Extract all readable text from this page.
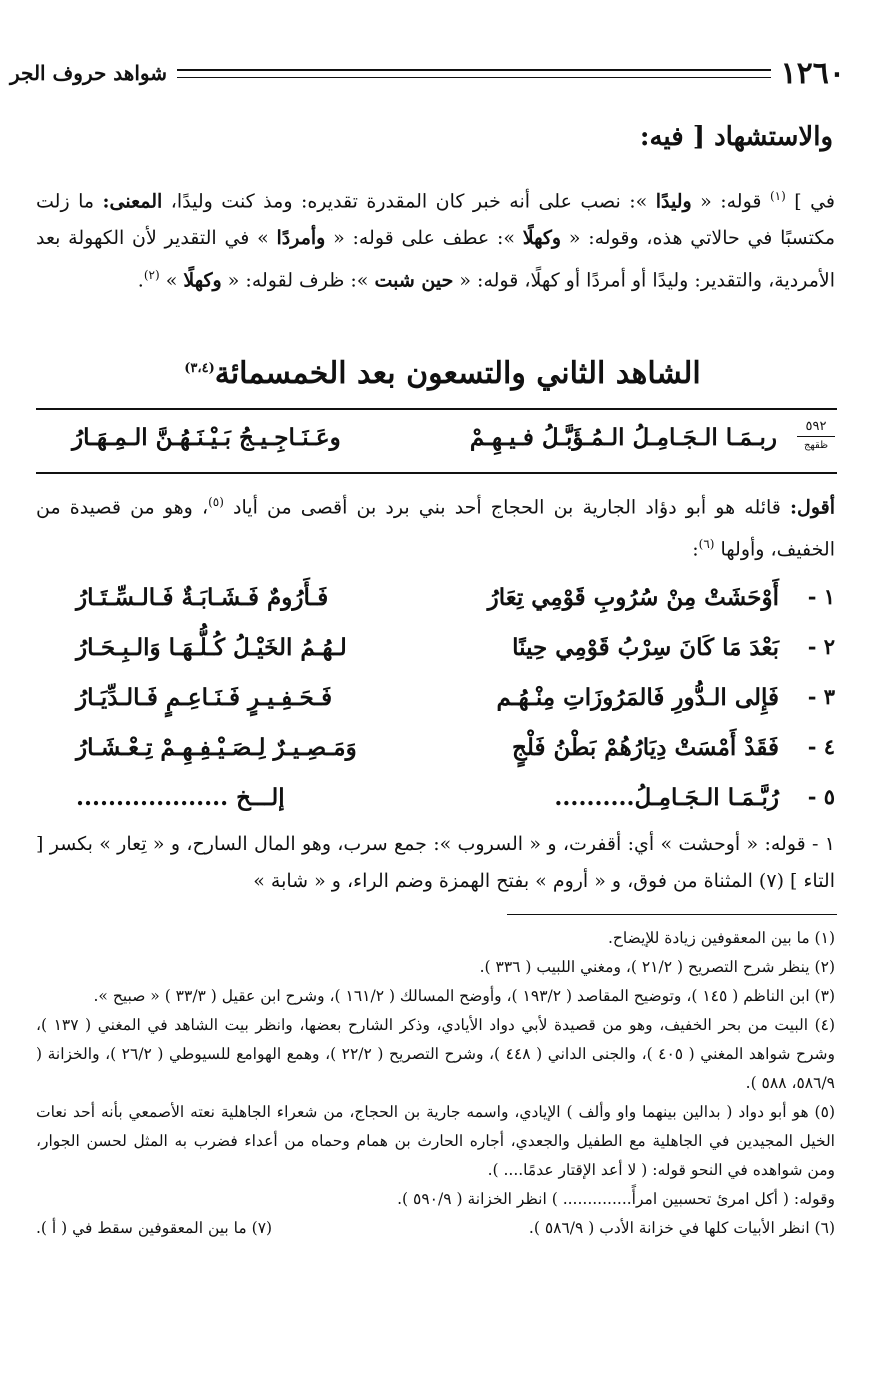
١٢٦٠
شواهد حروف الجر
والاستشهاد [ فيه:
في ] $^{(١)}$ قوله: « وليدًا »: نصب على أنه خبر كان المقدرة تقديره: ومذ كنت وليدًا، المعنى: ما زلت مكتسبًا في حالاتي هذه، وقوله: « وكهلًا »: عطف على قوله: « وأمردًا » في التقدير لأن الكهولة بعد الأمردية، والتقدير: وليدًا أو أمردًا أو كهلًا، قوله: « حين شبت »: ظرف لقوله: « وكهلًا » $^{(٢)}$.
الشاهد الثاني والتسعون بعد الخمسمائة$^{(٣،٤)}$
٥٩٢
ظ‍قهج
ربـمَـا الـجَـامِـلُ الـمُـؤَبَّـلُ فـيـهِـمْ
وعَـنَـاجِـيـجُ بَـيْـنَـهُـنَّ الـمِـهَـارُ
أقول: قائله هو أبو دؤاد الجارية بن الحجاج أحد بني برد بن أقصى من أياد $^{(٥)}$، وهو من قصيدة من الخفيف، وأولها $^{(٦)}$:
١ -
أَوْحَشَتْ مِنْ سُرُوبِ قَوْمِي تِعَارُ
فَـأَرُومٌ فَـشَـابَـةٌ فَـالـسِّـتَـارُ
٢ -
بَعْدَ مَا كَانَ سِرْبُ قَوْمِي حِينًا
لـهُـمُ الخَيْـلُ كُـلُّـهَـا وَالـبِـحَـارُ
٣ -
فَإِلى الـدُّورِ فَالمَرُوزَاتِ مِنْـهُـم
فَـحَـفِـيـرٍ فَـنَـاعِـمٍ فَـالـدِّيَـارُ
٤ -
فَقَدْ أَمْسَتْ دِيَارُهُمْ بَطْنُ فَلْجٍ
وَمَـصِـيـرٌ لِـصَـيْـفِـهِـمْ تِـعْـشَـارُ
٥ -
رُبَّـمَـا الـجَـامِـلُ..........
إلـــخ ...................
١ - قوله: « أوحشت » أي: أقفرت، و « السروب »: جمع سرب، وهو المال السارح، و « تِعار » بكسر [ التاء ] (٧) المثناة من فوق، و « أروم » بفتح الهمزة وضم الراء، و « شابة »
(١) ما بين المعقوفين زيادة للإيضاح.
(٢) ينظر شرح التصريح ( ٢١/٢ )، ومغني اللبيب ( ٣٣٦ ).
(٣) ابن الناظم ( ١٤٥ )، وتوضيح المقاصد ( ١٩٣/٢ )، وأوضح المسالك ( ١٦١/٢ )، وشرح ابن عقيل ( ٣٣/٣ ) « صبيح ».
(٤) البيت من بحر الخفيف، وهو من قصيدة لأبي دواد الأيادي، وذكر الشارح بعضها، وانظر بيت الشاهد في المغني ( ١٣٧ )، وشرح شواهد المغني ( ٤٠٥ )، والجنى الداني ( ٤٤٨ )، وشرح التصريح ( ٢٢/٢ )، وهمع الهوامع للسيوطي ( ٢٦/٢ )، والخزانة ( ٥٨٦/٩، ٥٨٨ ).
(٥) هو أبو دواد ( بدالين بينهما واو وألف ) الإيادي، واسمه جارية بن الحجاج، من شعراء الجاهلية نعته الأصمعي بأنه أحد نعات الخيل المجيدين في الجاهلية مع الطفيل والجعدي، أجاره الحارث بن همام وحماه من أعداء فضرب به المثل لحسن الجوار، ومن شواهده في النحو قوله: ( لا أعد الإقتار عدمًا.... ).
وقوله: ( أكل امرئ تحسبين امرأً.............. ) انظر الخزانة ( ٥٩٠/٩ ).
(٦) انظر الأبيات كلها في خزانة الأدب ( ٥٨٦/٩ ).
(٧) ما بين المعقوفين سقط في ( أ ).
